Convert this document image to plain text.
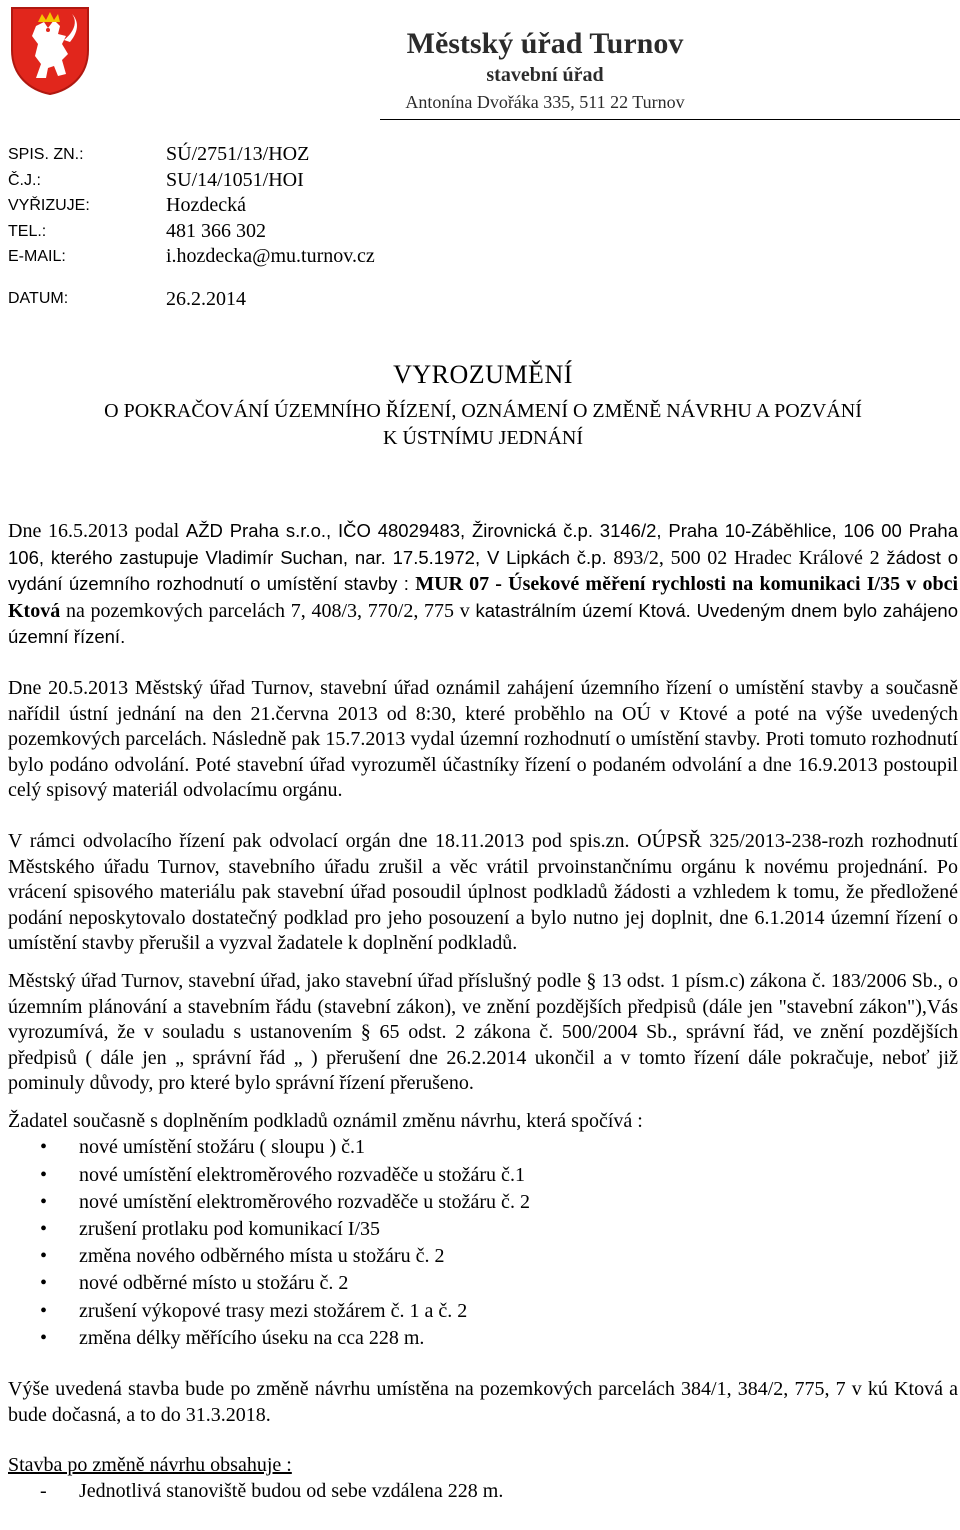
Městský úřad Turnov
stavební úřad
Antonína Dvořáka 335, 511 22 Turnov
SPIS. ZN.:	SÚ/2751/13/HOZ
Č.J.:	SU/14/1051/HOI
VYŘIZUJE:	Hozdecká
TEL.:	481 366 302
E-MAIL:	i.hozdecka@mu.turnov.cz
DATUM:	26.2.2014
VYROZUMĚNÍ
O POKRAČOVÁNÍ ÚZEMNÍHO ŘÍZENÍ, OZNÁMENÍ O ZMĚNĚ NÁVRHU A POZVÁNÍ
K ÚSTNÍMU JEDNÁNÍ

Dne 16.5.2013 podal AŽD Praha s.r.o., IČO 48029483, Žirovnická č.p. 3146/2, Praha 10-Záběhlice, 106 00 Praha 106, kterého zastupuje Vladimír Suchan, nar. 17.5.1972, V Lipkách č.p. 893/2, 500 02 Hradec Králové 2 žádost o vydání územního rozhodnutí o umístění stavby : MUR 07 - Úsekové měření rychlosti na komunikaci I/35 v obci Ktová na pozemkových parcelách 7, 408/3, 770/2, 775 v katastrálním území Ktová. Uvedeným dnem bylo zahájeno územní řízení.

Dne 20.5.2013 Městský úřad Turnov, stavební úřad oznámil zahájení územního řízení o umístění stavby a současně nařídil ústní jednání na den 21.června 2013 od 8:30, které proběhlo na OÚ v Ktové a poté na výše uvedených pozemkových parcelách. Následně pak 15.7.2013 vydal územní rozhodnutí o umístění stavby. Proti tomuto rozhodnutí bylo podáno odvolání. Poté stavební úřad vyrozuměl účastníky řízení o podaném odvolání a dne 16.9.2013 postoupil celý spisový materiál odvolacímu orgánu.

V rámci odvolacího řízení pak odvolací orgán dne 18.11.2013 pod spis.zn. OÚPSŘ 325/2013-238-rozh rozhodnutí Městského úřadu Turnov, stavebního úřadu zrušil a věc vrátil prvoinstančnímu orgánu k novému projednání. Po vrácení spisového materiálu pak stavební úřad posoudil úplnost podkladů žádosti a vzhledem k tomu, že předložené podání neposkytovalo dostatečný podklad pro jeho posouzení a bylo nutno jej doplnit, dne 6.1.2014 územní řízení o umístění stavby přerušil a vyzval žadatele k doplnění podkladů.

Městský úřad Turnov, stavební úřad, jako stavební úřad příslušný podle § 13 odst. 1 písm.c) zákona č. 183/2006 Sb., o územním plánování a stavebním řádu (stavební zákon), ve znění pozdějších předpisů (dále jen "stavební zákon"),Vás vyrozumívá, že v souladu s ustanovením § 65 odst. 2 zákona č. 500/2004 Sb., správní řád, ve znění pozdějších předpisů ( dále jen „ správní řád „ ) přerušení dne 26.2.2014 ukončil a v tomto řízení dále pokračuje, neboť již pominuly důvody, pro které bylo správní řízení přerušeno.

Žadatel současně s doplněním podkladů oznámil změnu návrhu, která spočívá :

• nové umístění stožáru ( sloupu ) č.1
• nové umístění elektroměrového rozvaděče u stožáru č.1
• nové umístění elektroměrového rozvaděče u stožáru č. 2
• zrušení protlaku pod komunikací I/35
• změna nového odběrného místa u stožáru č. 2
• nové odběrné místo u stožáru č. 2
• zrušení výkopové trasy mezi stožárem č. 1 a č. 2
• změna délky měřícího úseku na cca 228 m.

Výše uvedená stavba bude po změně návrhu umístěna na pozemkových parcelách 384/1, 384/2, 775, 7 v kú Ktová a bude dočasná, a to do 31.3.2018.

Stavba po změně návrhu obsahuje :

-	Jednotlivá stanoviště budou od sebe vzdálena 228 m.
